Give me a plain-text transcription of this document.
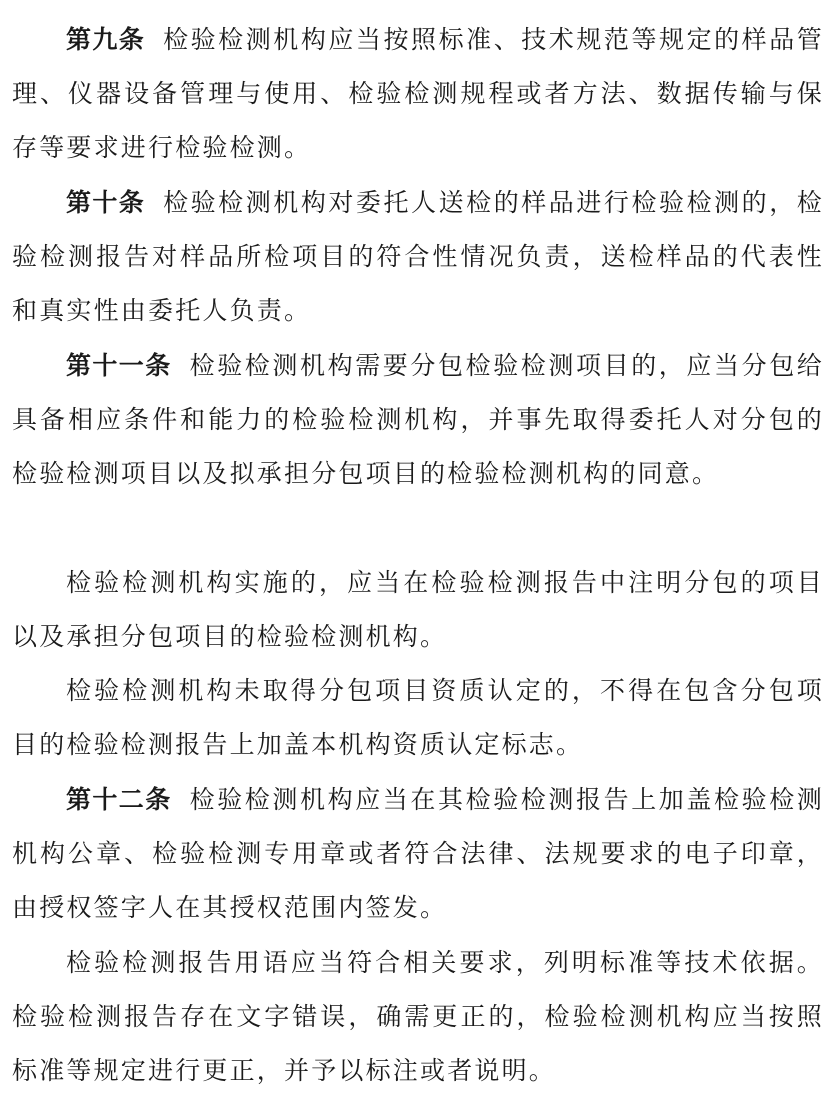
第九条 检验检测机构应当按照标准、技术规范等规定的样品管理、仪器设备管理与使用、检验检测规程或者方法、数据传输与保存等要求进行检验检测。

第十条 检验检测机构对委托人送检的样品进行检验检测的，检验检测报告对样品所检项目的符合性情况负责，送检样品的代表性和真实性由委托人负责。

第十一条 检验检测机构需要分包检验检测项目的，应当分包给具备相应条件和能力的检验检测机构，并事先取得委托人对分包的检验检测项目以及拟承担分包项目的检验检测机构的同意。

检验检测机构实施的，应当在检验检测报告中注明分包的项目以及承担分包项目的检验检测机构。

检验检测机构未取得分包项目资质认定的，不得在包含分包项目的检验检测报告上加盖本机构资质认定标志。

第十二条 检验检测机构应当在其检验检测报告上加盖检验检测机构公章、检验检测专用章或者符合法律、法规要求的电子印章，由授权签字人在其授权范围内签发。

检验检测报告用语应当符合相关要求，列明标准等技术依据。检验检测报告存在文字错误，确需更正的，检验检测机构应当按照标准等规定进行更正，并予以标注或者说明。
